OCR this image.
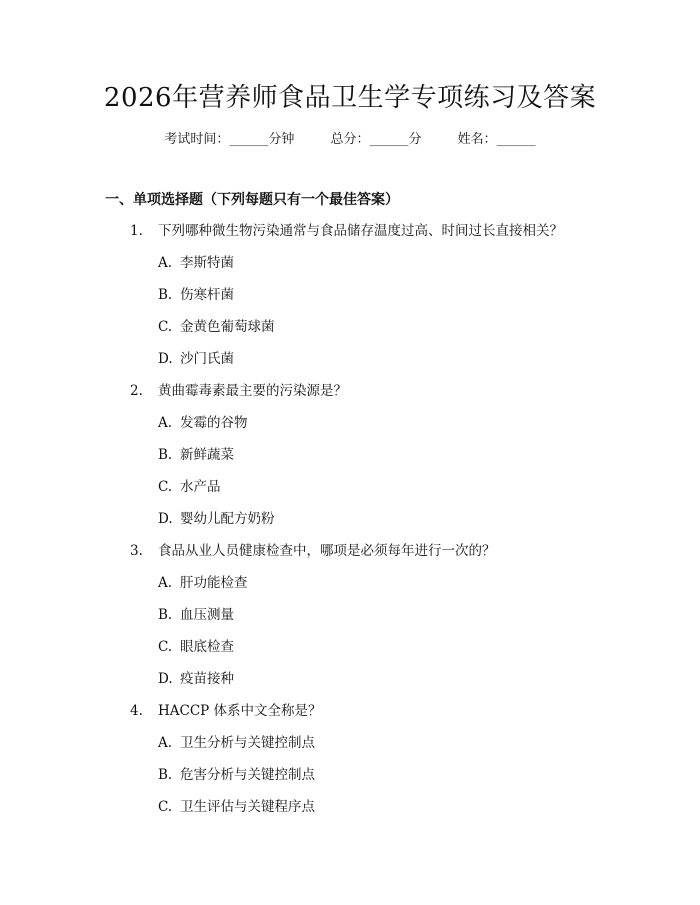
2026年营养师食品卫生学专项练习及答案
考试时间：______分钟	总分：______分	姓名：______
一、单项选择题（下列每题只有一个最佳答案）
1. 下列哪种微生物污染通常与食品储存温度过高、时间过长直接相关？
A. 李斯特菌
B. 伤寒杆菌
C. 金黄色葡萄球菌
D. 沙门氏菌
2. 黄曲霉毒素最主要的污染源是？
A. 发霉的谷物
B. 新鲜蔬菜
C. 水产品
D. 婴幼儿配方奶粉
3. 食品从业人员健康检查中，哪项是必须每年进行一次的？
A. 肝功能检查
B. 血压测量
C. 眼底检查
D. 疫苗接种
4. HACCP 体系中文全称是？
A. 卫生分析与关键控制点
B. 危害分析与关键控制点
C. 卫生评估与关键程序点
